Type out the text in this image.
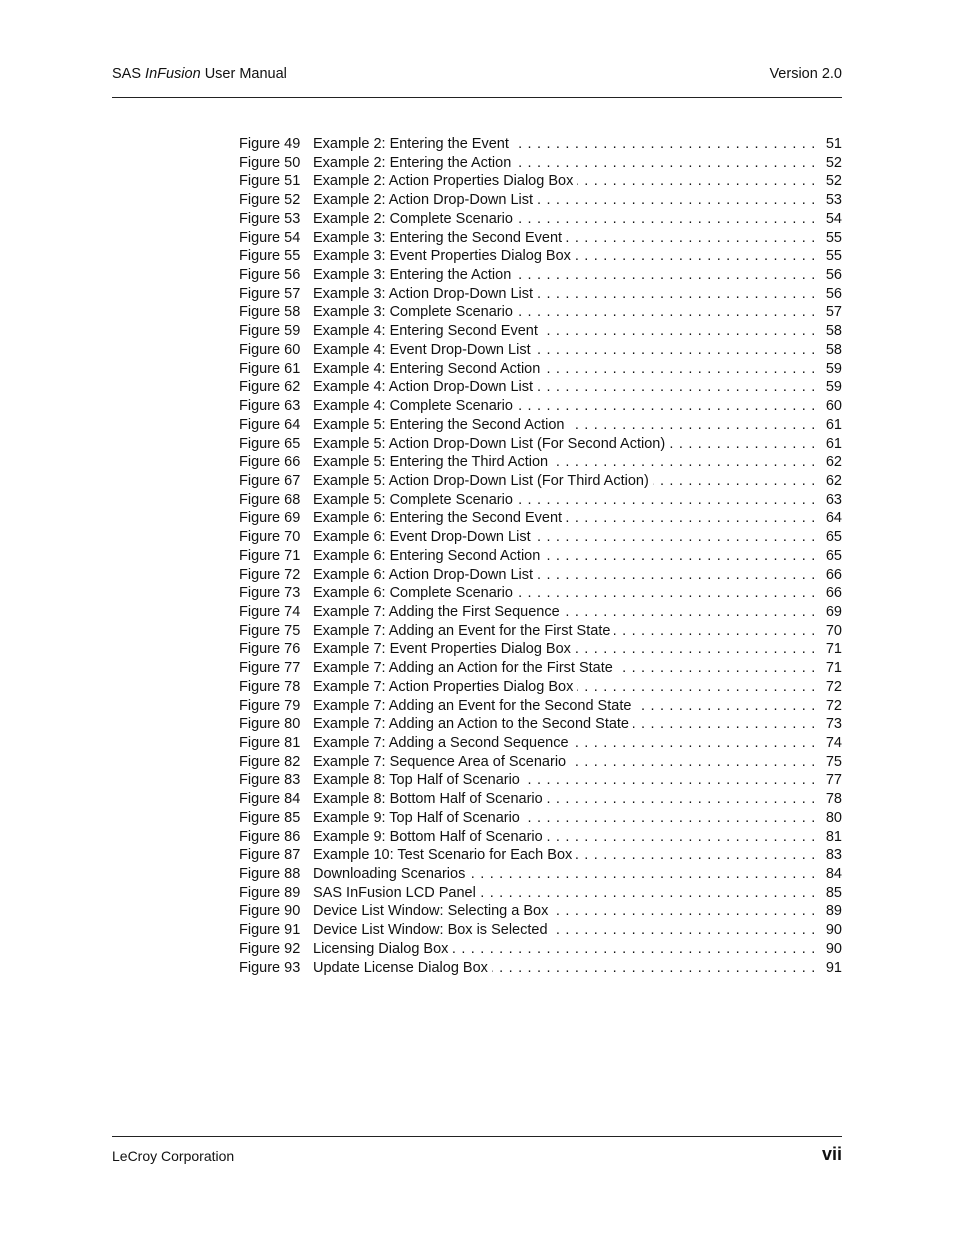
SAS InFusion User Manual	Version 2.0
Figure 49 . . . Example 2: Entering the Event	51
Figure 50 . . . Example 2: Entering the Action	52
Figure 51 . . . Example 2: Action Properties Dialog Box	52
Figure 52 . . . Example 2: Action Drop-Down List	53
Figure 53 . . . Example 2: Complete Scenario	54
Figure 54 . . . Example 3: Entering the Second Event	55
Figure 55 . . . Example 3: Event Properties Dialog Box	55
Figure 56 . . . Example 3: Entering the Action	56
Figure 57 . . . Example 3: Action Drop-Down List	56
Figure 58 . . . Example 3: Complete Scenario	57
Figure 59 . . . Example 4: Entering Second Event	58
Figure 60 . . . Example 4: Event Drop-Down List	58
Figure 61 . . . Example 4: Entering Second Action	59
Figure 62 . . . Example 4: Action Drop-Down List	59
Figure 63 . . . Example 4: Complete Scenario	60
Figure 64 . . . Example 5: Entering the Second Action	61
Figure 65 . . . Example 5: Action Drop-Down List (For Second Action)	61
Figure 66 . . . Example 5: Entering the Third Action	62
Figure 67 . . . Example 5: Action Drop-Down List (For Third Action)	62
Figure 68 . . . Example 5: Complete Scenario	63
Figure 69 . . . Example 6: Entering the Second Event	64
Figure 70 . . . Example 6: Event Drop-Down List	65
Figure 71 . . . Example 6: Entering Second Action	65
Figure 72 . . . Example 6: Action Drop-Down List	66
Figure 73 . . . Example 6: Complete Scenario	66
Figure 74 . . . Example 7: Adding the First Sequence	69
Figure 75 . . . Example 7: Adding an Event for the First State	70
Figure 76 . . . Example 7: Event Properties Dialog Box	71
Figure 77 . . . Example 7: Adding an Action for the First State	71
Figure 78 . . . Example 7: Action Properties Dialog Box	72
Figure 79 . . . Example 7: Adding an Event for the Second State	72
Figure 80 . . . Example 7: Adding an Action to the Second State	73
Figure 81 . . . Example 7: Adding a Second Sequence	74
Figure 82 . . . Example 7: Sequence Area of Scenario	75
Figure 83 . . . Example 8: Top Half of Scenario	77
Figure 84 . . . Example 8: Bottom Half of Scenario	78
Figure 85 . . . Example 9: Top Half of Scenario	80
Figure 86 . . . Example 9: Bottom Half of Scenario	81
Figure 87 . . . Example 10: Test Scenario for Each Box	83
Figure 88 . . . Downloading Scenarios	84
Figure 89 . . . SAS InFusion LCD Panel	85
Figure 90 . . . Device List Window: Selecting a Box	89
Figure 91 . . . Device List Window: Box is Selected	90
Figure 92 . . . Licensing Dialog Box	90
Figure 93 . . . Update License Dialog Box	91
LeCroy Corporation	vii
